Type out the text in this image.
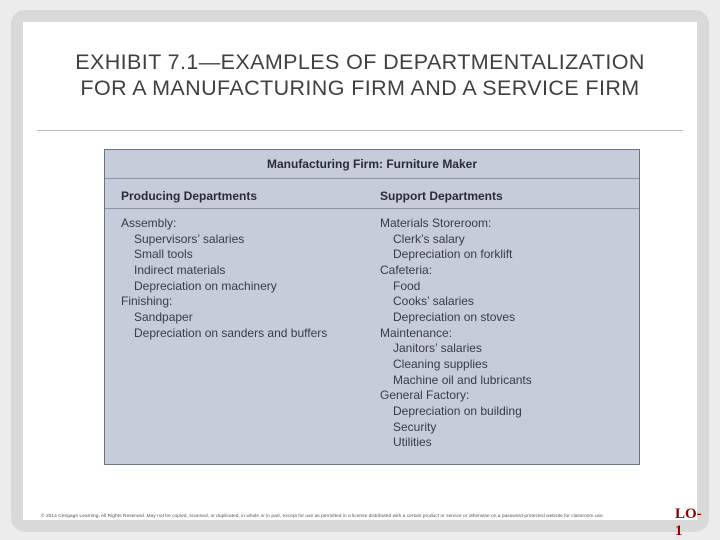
EXHIBIT 7.1—EXAMPLES OF DEPARTMENTALIZATION
FOR A MANUFACTURING FIRM AND A SERVICE FIRM
Manufacturing Firm: Furniture Maker
Producing Departments	Support Departments
Assembly:
Supervisors’ salaries
Small tools
Indirect materials
Depreciation on machinery
Finishing:
Sandpaper
Depreciation on sanders and buffers
Materials Storeroom:
Clerk’s salary
Depreciation on forklift
Cafeteria:
Food
Cooks’ salaries
Depreciation on stoves
Maintenance:
Janitors’ salaries
Cleaning supplies
Machine oil and lubricants
General Factory:
Depreciation on building
Security
Utilities
LO-1
© 2014 Cengage Learning. All Rights Reserved. May not be copied, scanned, or duplicated, in whole or in part, except for use as permitted in a license distributed with a certain product or service or otherwise on a password-protected website for classroom use.
